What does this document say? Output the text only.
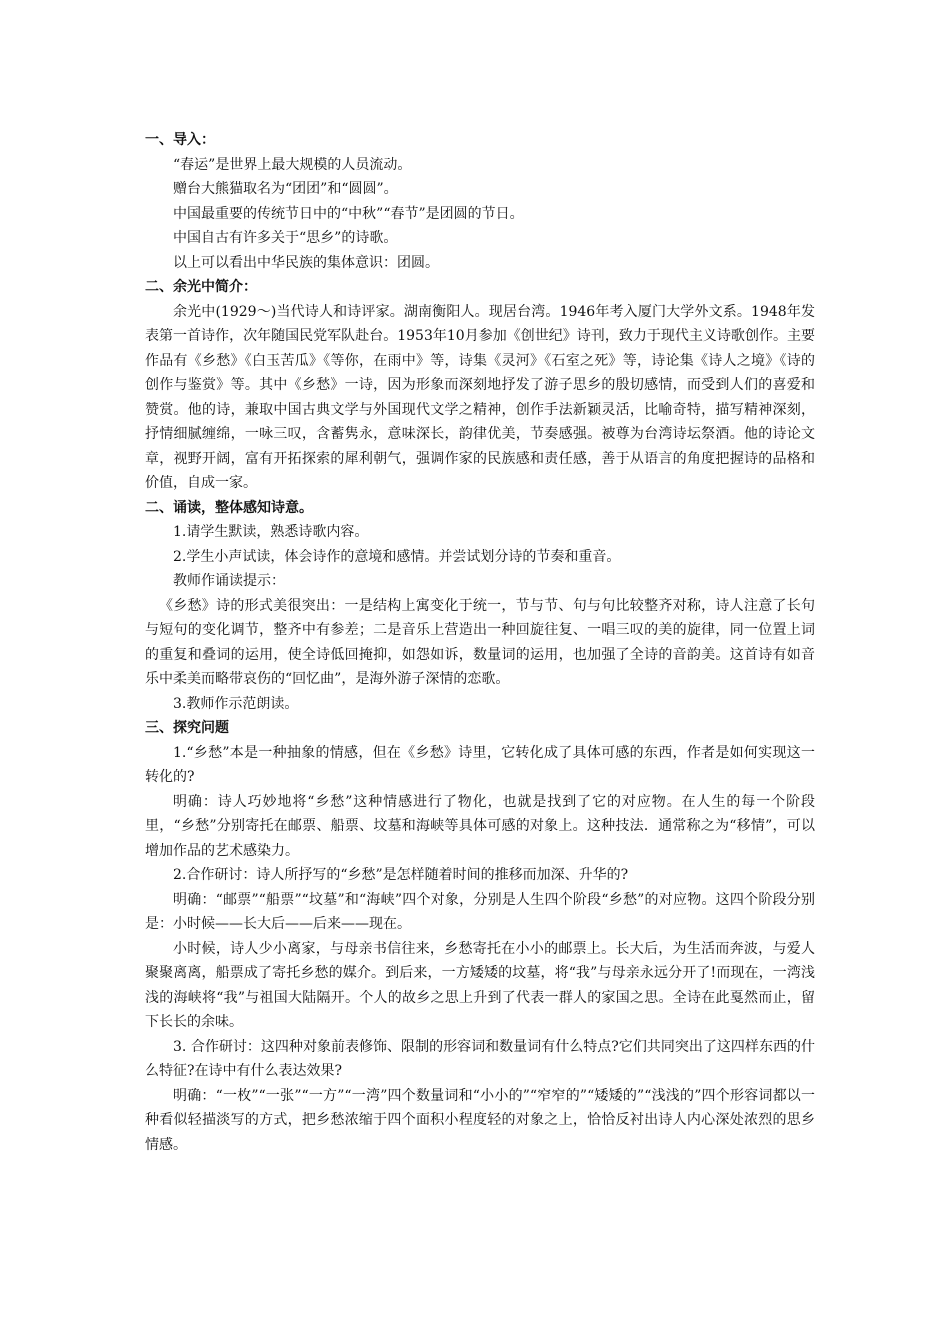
一、导入：
“春运”是世界上最大规模的人员流动。
赠台大熊猫取名为“团团”和“圆圆”。
中国最重要的传统节日中的“中秋”“春节”是团圆的节日。
中国自古有许多关于“思乡”的诗歌。
以上可以看出中华民族的集体意识：团圆。
二、余光中简介：
余光中(1929～)当代诗人和诗评家。湖南衡阳人。现居台湾。1946年考入厦门大学外文系。1948年发表第一首诗作，次年随国民党军队赴台。1953年10月参加《创世纪》诗刊，致力于现代主义诗歌创作。主要作品有《乡愁》《白玉苦瓜》《等你，在雨中》等，诗集《灵河》《石室之死》等，诗论集《诗人之境》《诗的创作与鉴赏》等。其中《乡愁》一诗，因为形象而深刻地抒发了游子思乡的殷切感情，而受到人们的喜爱和赞赏。他的诗，兼取中国古典文学与外国现代文学之精神，创作手法新颖灵活，比喻奇特，描写精神深刻，抒情细腻缠绵，一咏三叹，含蓄隽永，意味深长，韵律优美，节奏感强。被尊为台湾诗坛祭酒。他的诗论文章，视野开阔，富有开拓探索的犀利朝气，强调作家的民族感和责任感，善于从语言的角度把握诗的品格和价值，自成一家。
二、诵读，整体感知诗意。
1.请学生默读，熟悉诗歌内容。
2.学生小声试读，体会诗作的意境和感情。并尝试划分诗的节奏和重音。
教师作诵读提示：
《乡愁》诗的形式美很突出：一是结构上寓变化于统一，节与节、句与句比较整齐对称，诗人注意了长句与短句的变化调节，整齐中有参差；二是音乐上营造出一种回旋往复、一唱三叹的美的旋律，同一位置上词的重复和叠词的运用，使全诗低回掩抑，如怨如诉，数量词的运用，也加强了全诗的音韵美。这首诗有如音乐中柔美而略带哀伤的“回忆曲”，是海外游子深情的恋歌。
3.教师作示范朗读。
三、探究问题
1.“乡愁”本是一种抽象的情感，但在《乡愁》诗里，它转化成了具体可感的东西，作者是如何实现这一转化的?
明确：诗人巧妙地将“乡愁”这种情感进行了物化，也就是找到了它的对应物。在人生的每一个阶段里，“乡愁”分别寄托在邮票、船票、坟墓和海峡等具体可感的对象上。这种技法．通常称之为“移情”，可以增加作品的艺术感染力。
2.合作研讨：诗人所抒写的“乡愁”是怎样随着时间的推移而加深、升华的?
明确：“邮票”“船票”“坟墓”和“海峡”四个对象，分别是人生四个阶段“乡愁”的对应物。这四个阶段分别是：小时候——长大后——后来——现在。
小时候，诗人少小离家，与母亲书信往来，乡愁寄托在小小的邮票上。长大后，为生活而奔波，与爱人聚聚离离，船票成了寄托乡愁的媒介。到后来，一方矮矮的坟墓，将“我”与母亲永远分开了!而现在，一湾浅浅的海峡将“我”与祖国大陆隔开。个人的故乡之思上升到了代表一群人的家国之思。全诗在此戛然而止，留下长长的余味。
3. 合作研讨：这四种对象前表修饰、限制的形容词和数量词有什么特点?它们共同突出了这四样东西的什么特征?在诗中有什么表达效果?
明确：“一枚”“一张”“一方”“一湾”四个数量词和“小小的”“窄窄的”“矮矮的”“浅浅的”四个形容词都以一种看似轻描淡写的方式，把乡愁浓缩于四个面积小程度轻的对象之上，恰恰反衬出诗人内心深处浓烈的思乡情感。
